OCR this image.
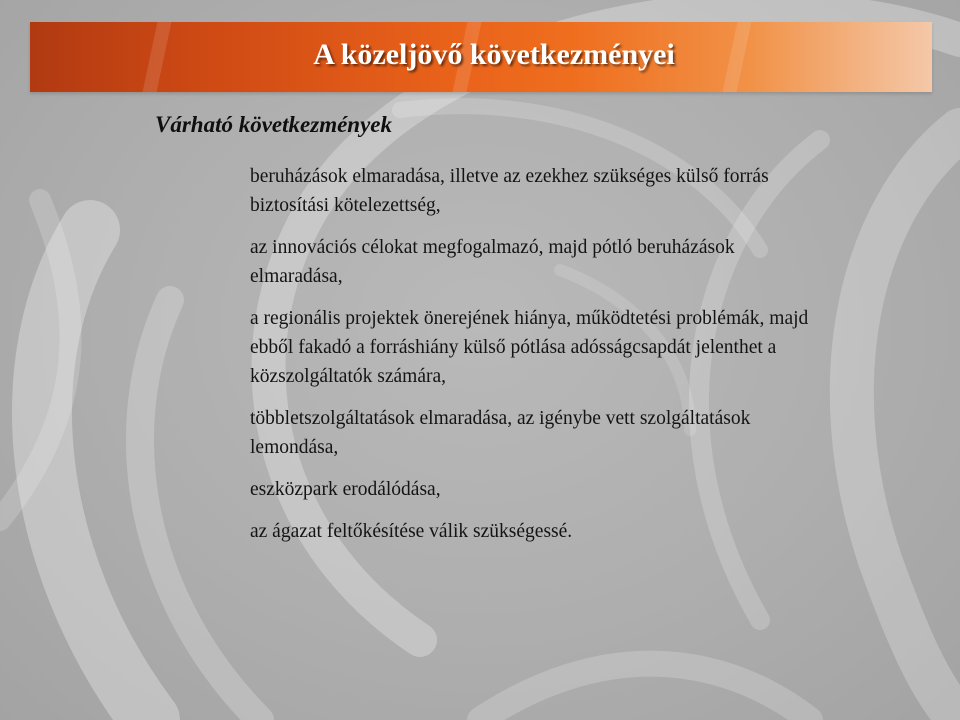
A közeljövő következményei
Várható következmények
beruházások elmaradása, illetve az ezekhez szükséges külső forrás biztosítási kötelezettség,
az innovációs célokat megfogalmazó, majd pótló beruházások elmaradása,
a regionális projektek önerejének hiánya, működtetési problémák, majd ebből fakadó a forráshiány külső pótlása adósságcsapdát jelenthet a közszolgáltatók számára,
többletszolgáltatások elmaradása, az igénybe vett szolgáltatások lemondása,
eszközpark erodálódása,
az ágazat feltőkésítése válik szükségessé.
